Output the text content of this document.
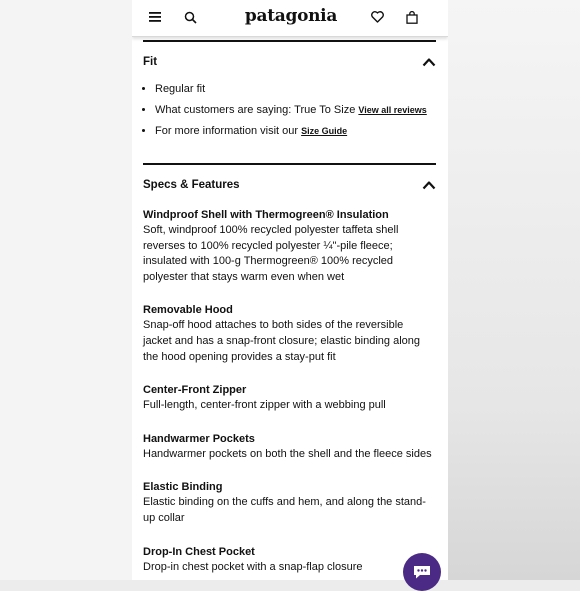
patagonia
Fit
• Regular fit
• What customers are saying: True To Size View all reviews
• For more information visit our Size Guide
Specs & Features
Windproof Shell with Thermogreen® Insulation

Soft, windproof 100% recycled polyester taffeta shell reverses to 100% recycled polyester ¼"-pile fleece; insulated with 100-g Thermogreen® 100% recycled polyester that stays warm even when wet

Removable Hood

Snap-off hood attaches to both sides of the reversible jacket and has a snap-front closure; elastic binding along the hood opening provides a stay-put fit

Center-Front Zipper

Full-length, center-front zipper with a webbing pull

Handwarmer Pockets

Handwarmer pockets on both the shell and the fleece sides

Elastic Binding

Elastic binding on the cuffs and hem, and along the stand-up collar

Drop-In Chest Pocket

Drop-in chest pocket with a snap-flap closure
